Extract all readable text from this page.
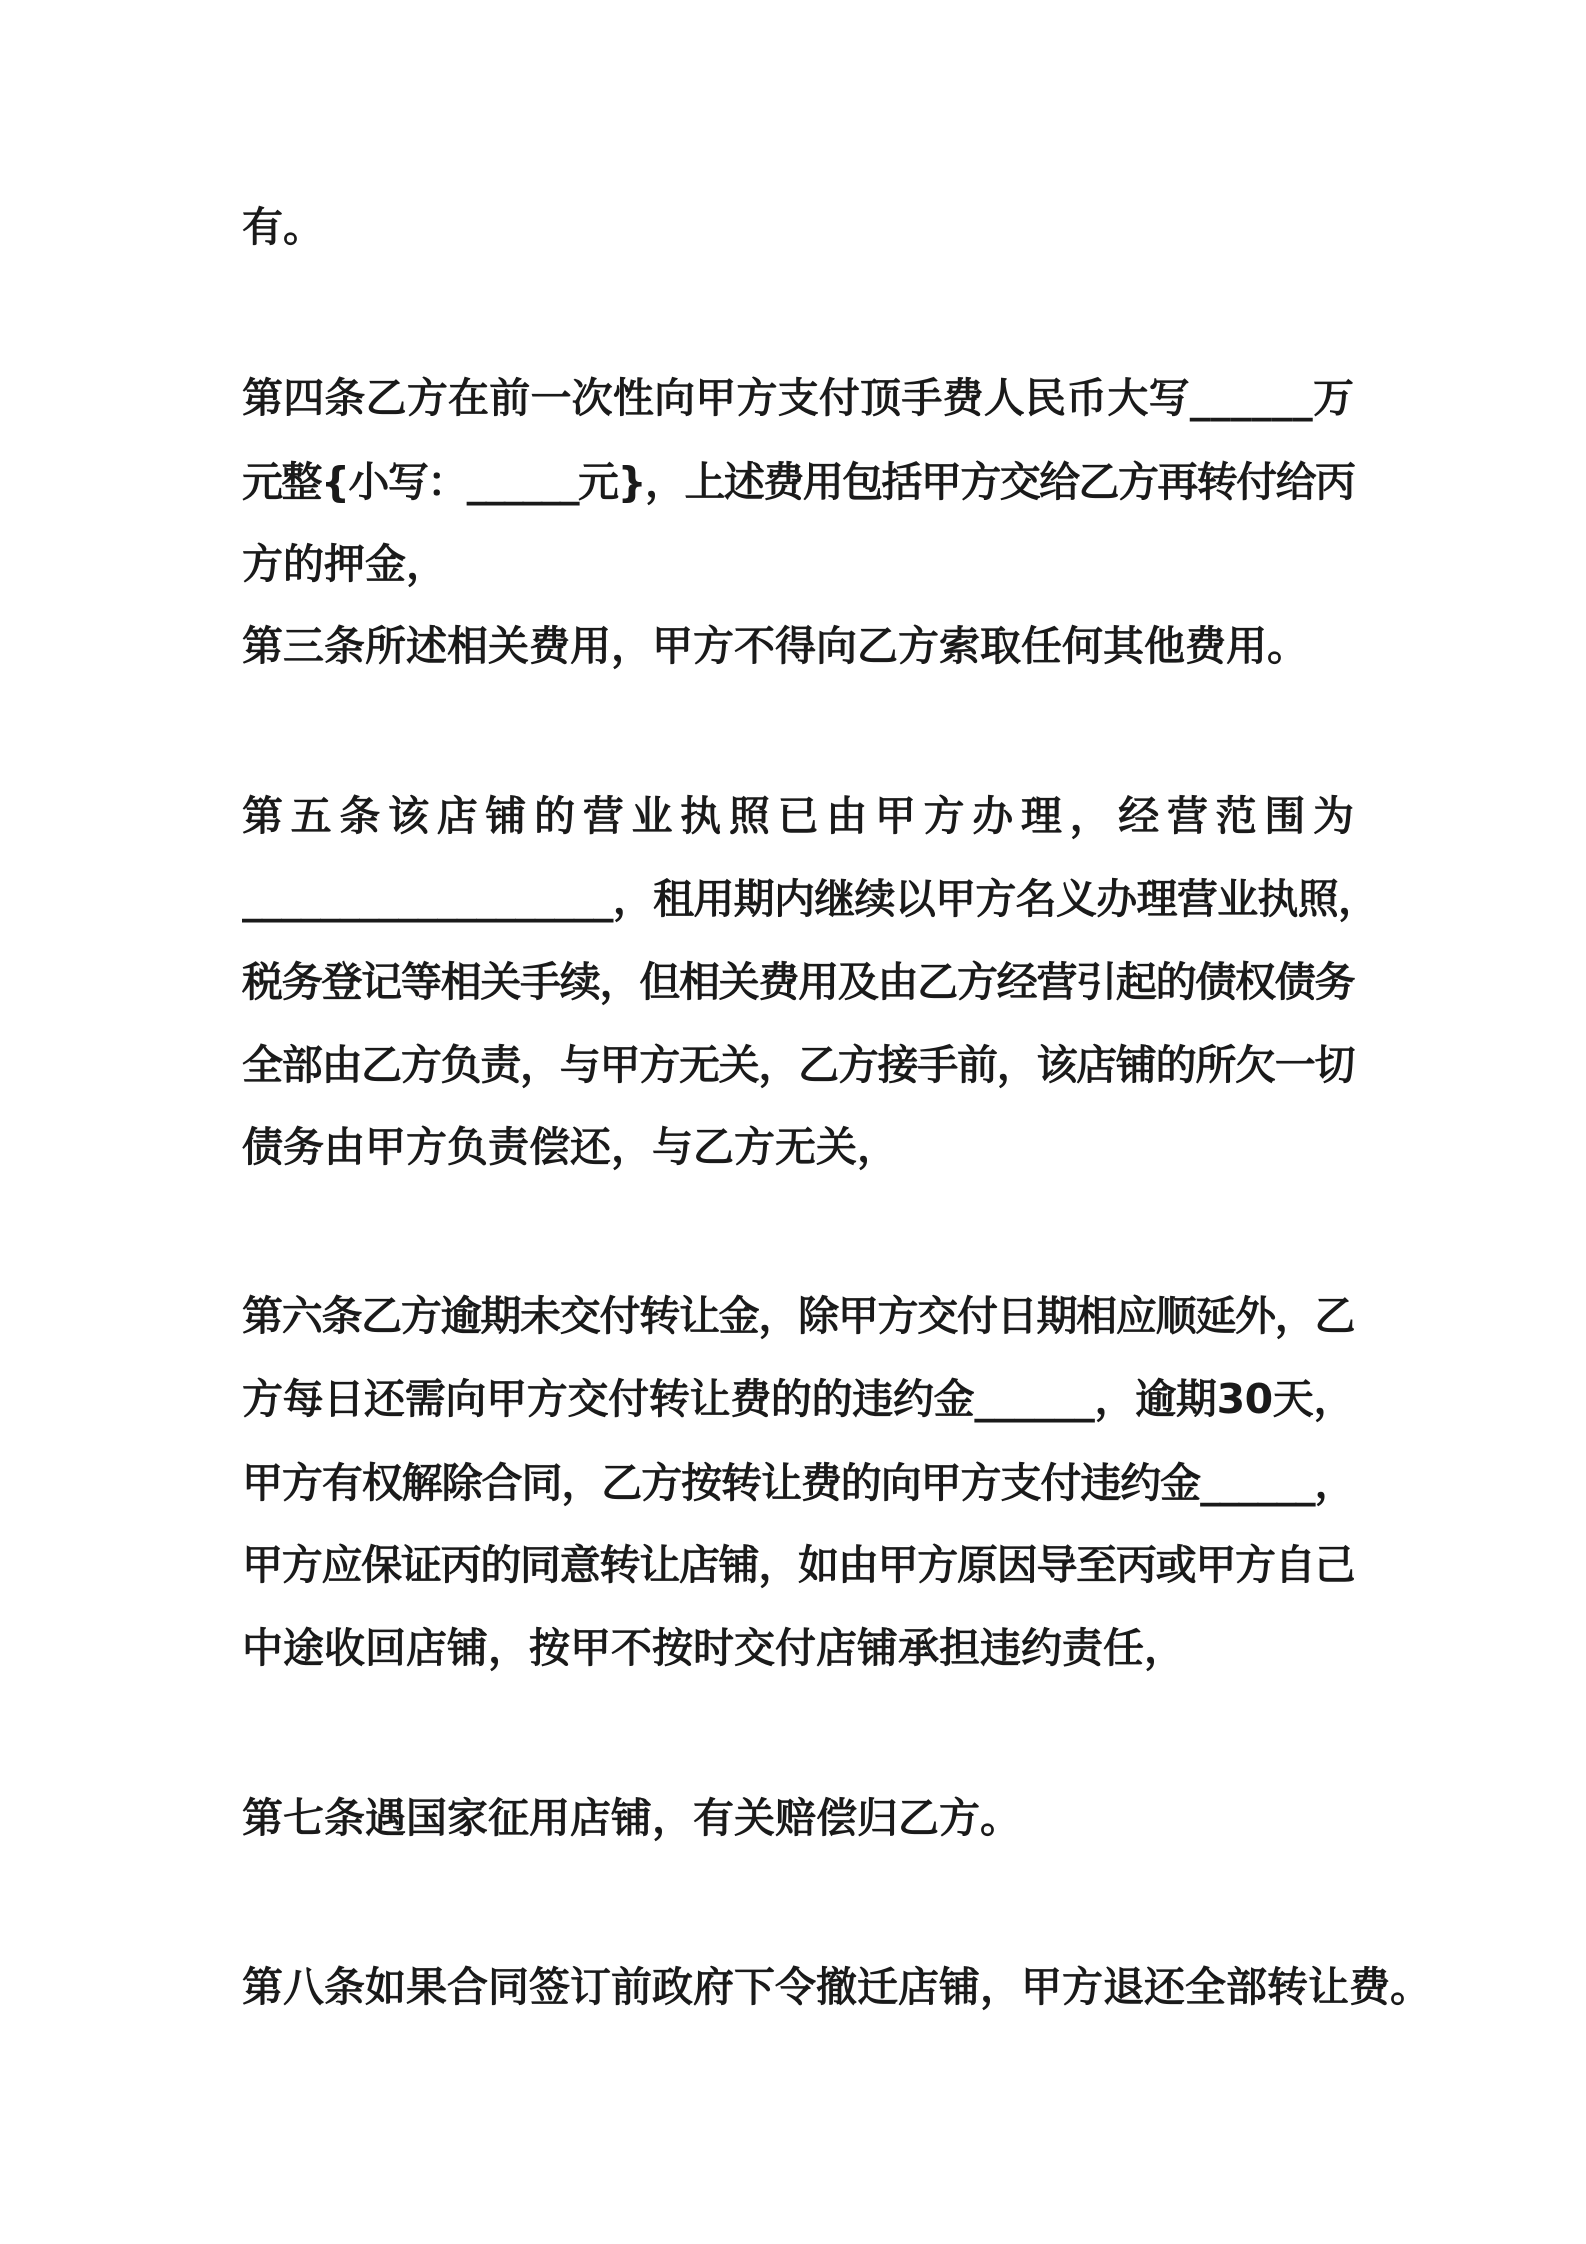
有。

第四条乙方在前一次性向甲方支付顶手费人民币大写______万

元整{小写：______元}，上述费用包括甲方交给乙方再转付给丙

方的押金，

第三条所述相关费用，甲方不得向乙方索取任何其他费用。

第五条该店铺的营业执照已由甲方办理，经营范围为

___________________，租用期内继续以甲方名义办理营业执照，

税务登记等相关手续，但相关费用及由乙方经营引起的债权债务

全部由乙方负责，与甲方无关，乙方接手前，该店铺的所欠一切

债务由甲方负责偿还，与乙方无关，

第六条乙方逾期未交付转让金，除甲方交付日期相应顺延外，乙

方每日还需向甲方交付转让费的的违约金______，逾期30天，

甲方有权解除合同，乙方按转让费的向甲方支付违约金______，

甲方应保证丙的同意转让店铺，如由甲方原因导至丙或甲方自己

中途收回店铺，按甲不按时交付店铺承担违约责任，

第七条遇国家征用店铺，有关赔偿归乙方。

第八条如果合同签订前政府下令撤迁店铺，甲方退还全部转让费。
